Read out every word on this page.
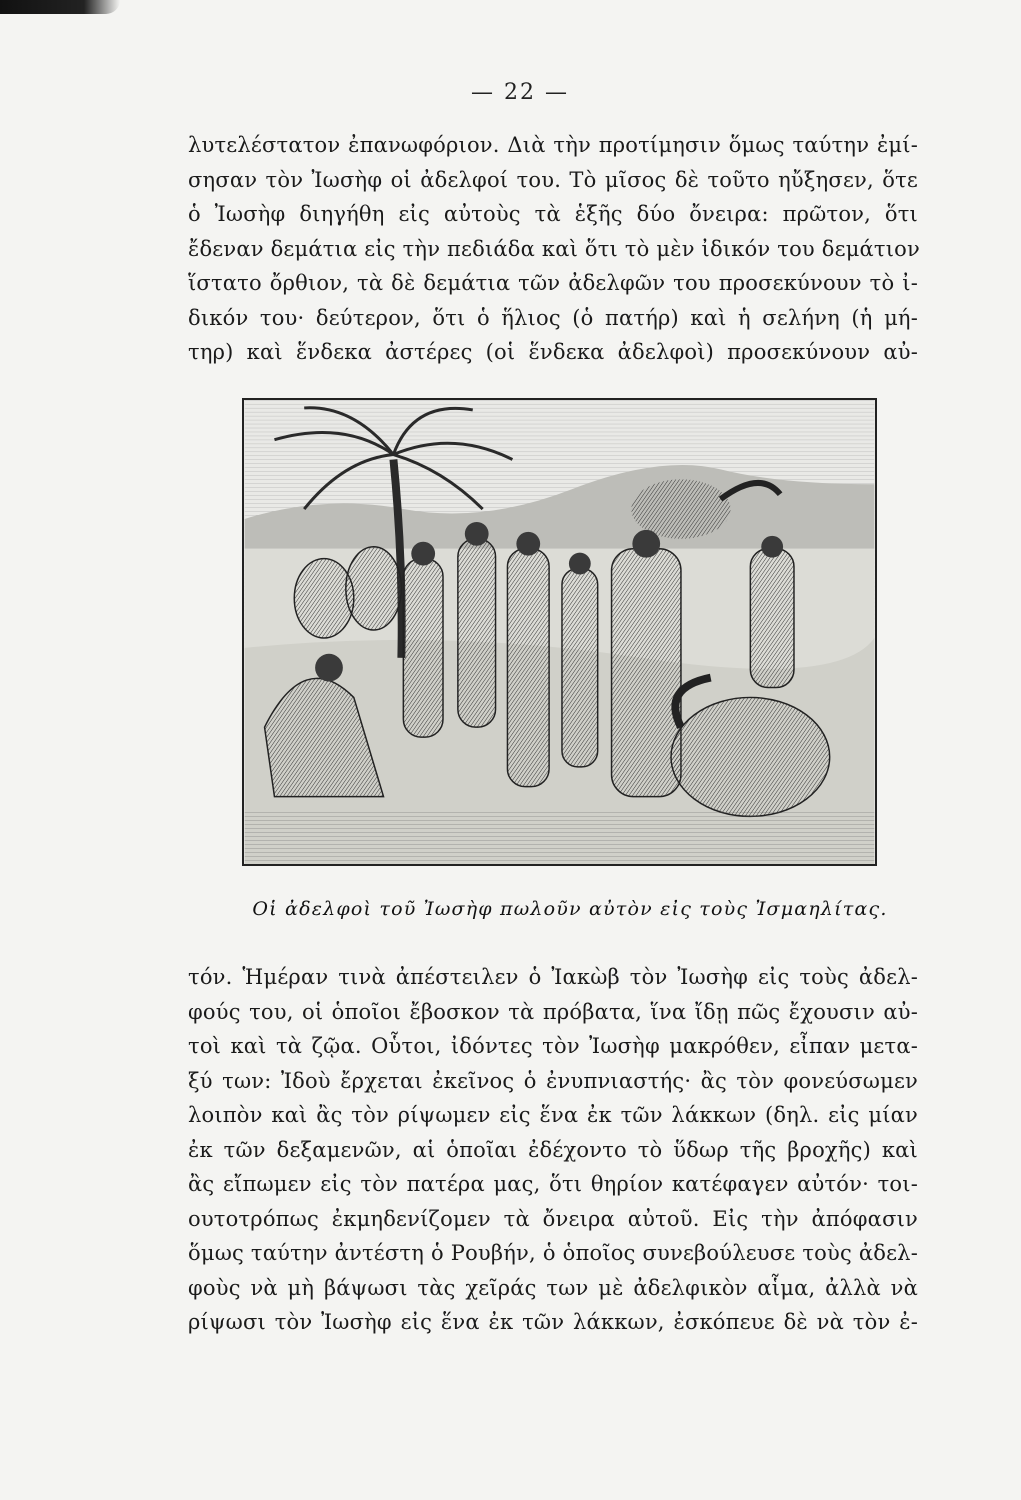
— 22 —
λυτελέστατον ἐπανωφόριον. Διὰ τὴν προτίμησιν ὅμως ταύτην ἐμί-
σησαν τὸν Ἰωσὴφ οἱ ἀδελφοί του. Τὸ μῖσος δὲ τοῦτο ηὔξησεν, ὅτε
ὁ Ἰωσὴφ διηγήθη εἰς αὐτοὺς τὰ ἑξῆς δύο ὄνειρα: πρῶτον, ὅτι
ἔδεναν δεμάτια εἰς τὴν πεδιάδα καὶ ὅτι τὸ μὲν ἰδικόν του δεμάτιον
ἵστατο ὄρθιον, τὰ δὲ δεμάτια τῶν ἀδελφῶν του προσεκύνουν τὸ ἰ-
δικόν του· δεύτερον, ὅτι ὁ ἥλιος (ὁ πατήρ) καὶ ἡ σελήνη (ἡ μή-
τηρ) καὶ ἕνδεκα ἀστέρες (οἱ ἕνδεκα ἀδελφοὶ) προσεκύνουν αὐ-
Οἱ ἀδελφοὶ τοῦ Ἰωσὴφ πωλοῦν αὐτὸν εἰς τοὺς Ἰσμαηλίτας.
τόν. Ἡμέραν τινὰ ἀπέστειλεν ὁ Ἰακὼβ τὸν Ἰωσὴφ εἰς τοὺς ἀδελ-
φούς του, οἱ ὁποῖοι ἔβοσκον τὰ πρόβατα, ἵνα ἴδῃ πῶς ἔχουσιν αὐ-
τοὶ καὶ τὰ ζῷα. Οὗτοι, ἰδόντες τὸν Ἰωσὴφ μακρόθεν, εἶπαν μετα-
ξύ των: Ἰδοὺ ἔρχεται ἐκεῖνος ὁ ἐνυπνιαστής· ἂς τὸν φονεύσωμεν
λοιπὸν καὶ ἂς τὸν ρίψωμεν εἰς ἕνα ἐκ τῶν λάκκων (δηλ. εἰς μίαν
ἐκ τῶν δεξαμενῶν, αἱ ὁποῖαι ἐδέχοντο τὸ ὕδωρ τῆς βροχῆς) καὶ
ἂς εἴπωμεν εἰς τὸν πατέρα μας, ὅτι θηρίον κατέφαγεν αὐτόν· τοι-
ουτοτρόπως ἐκμηδενίζομεν τὰ ὄνειρα αὐτοῦ. Εἰς τὴν ἀπόφασιν
ὅμως ταύτην ἀντέστη ὁ Ρουβήν, ὁ ὁποῖος συνεβούλευσε τοὺς ἀδελ-
φοὺς νὰ μὴ βάψωσι τὰς χεῖράς των μὲ ἀδελφικὸν αἷμα, ἀλλὰ νὰ
ρίψωσι τὸν Ἰωσὴφ εἰς ἕνα ἐκ τῶν λάκκων, ἐσκόπευε δὲ νὰ τὸν ἐ-
